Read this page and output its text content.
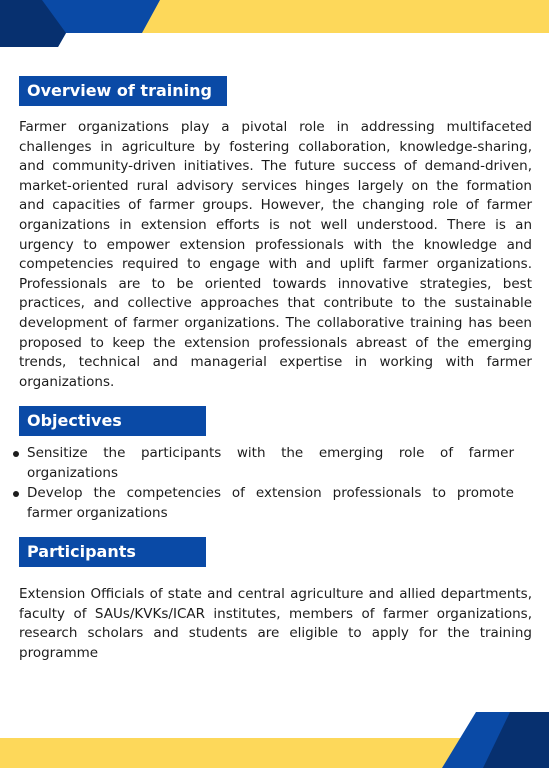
Overview of training

Farmer organizations play a pivotal role in addressing multifaceted challenges in agriculture by fostering collaboration, knowledge-sharing, and community-driven initiatives. The future success of demand-driven, market-oriented rural advisory services hinges largely on the formation and capacities of farmer groups. However, the changing role of farmer organizations in extension efforts is not well understood. There is an urgency to empower extension professionals with the knowledge and competencies required to engage with and uplift farmer organizations. Professionals are to be oriented towards innovative strategies, best practices, and collective approaches that contribute to the sustainable development of farmer organizations. The collaborative training has been proposed to keep the extension professionals abreast of the emerging trends, technical and managerial expertise in working with farmer organizations.

Objectives
Sensitize the participants with the emerging role of farmer organizations
Develop the competencies of extension professionals to promote farmer organizations
Participants

Extension Officials of state and central agriculture and allied departments, faculty of SAUs/KVKs/ICAR institutes, members of farmer organizations, research scholars and students are eligible to apply for the training programme
